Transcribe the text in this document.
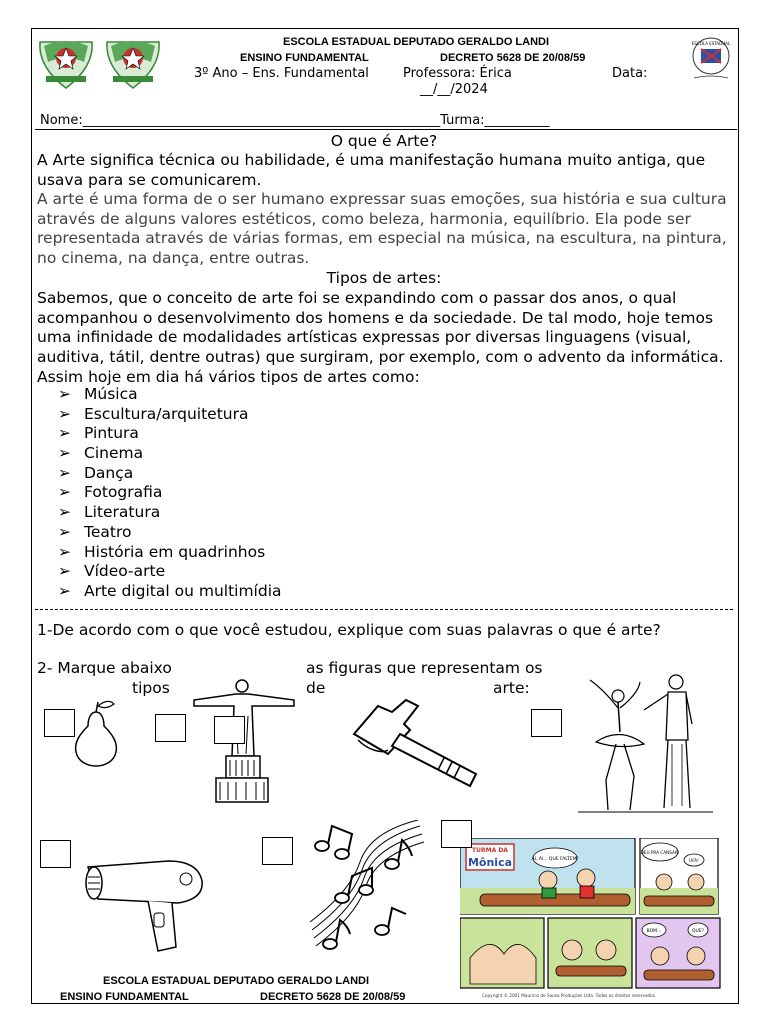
ESCOLA ESTADUAL
ESCOLA ESTADUAL DEPUTADO GERALDO LANDI
ENSINO FUNDAMENTAL	DECRETO 5628 DE 20/08/59
3º Ano – Ens. Fundamental	Professora: Érica	Data:
__/__/2024
Nome:_______________________________________________________Turma:__________
O que é Arte?
A Arte significa técnica ou habilidade, é uma manifestação humana muito antiga, que usava para se comunicarem.
A arte é uma forma de o ser humano expressar suas emoções, sua história e sua cultura através de alguns valores estéticos, como beleza, harmonia, equilíbrio. Ela pode ser representada através de várias formas, em especial na música, na escultura, na pintura, no cinema, na dança, entre outras.
Tipos de artes:
Sabemos, que o conceito de arte foi se expandindo com o passar dos anos, o qual acompanhou o desenvolvimento dos homens e da sociedade. De tal modo, hoje temos uma infinidade de modalidades artísticas expressas por diversas linguagens (visual, auditiva, tátil, dentre outras) que surgiram, por exemplo, com o advento da informática. Assim hoje em dia há vários tipos de artes como:
➢ Música
➢ Escultura/arquitetura
➢ Pintura
➢ Cinema
➢ Dança
➢ Fotografia
➢ Literatura
➢ Teatro
➢ História em quadrinhos
➢ Vídeo-arte
➢ Arte digital ou multimídia
1-De acordo com o que você estudou, explique com suas palavras o que é arte?
2- Marque abaixo	as figuras que representam os
tipos	de	arte:
TURMA DA
Mônica	AI, AI... QUE FALTEM!
DEU PRA CANSAR!
UFA!
BOM...	QUE?
Copyright © 2001 Maurício de Sousa Produções Ltda. Todos os direitos reservados.
ESCOLA ESTADUAL DEPUTADO GERALDO LANDI
ENSINO FUNDAMENTAL	DECRETO 5628 DE 20/08/59
